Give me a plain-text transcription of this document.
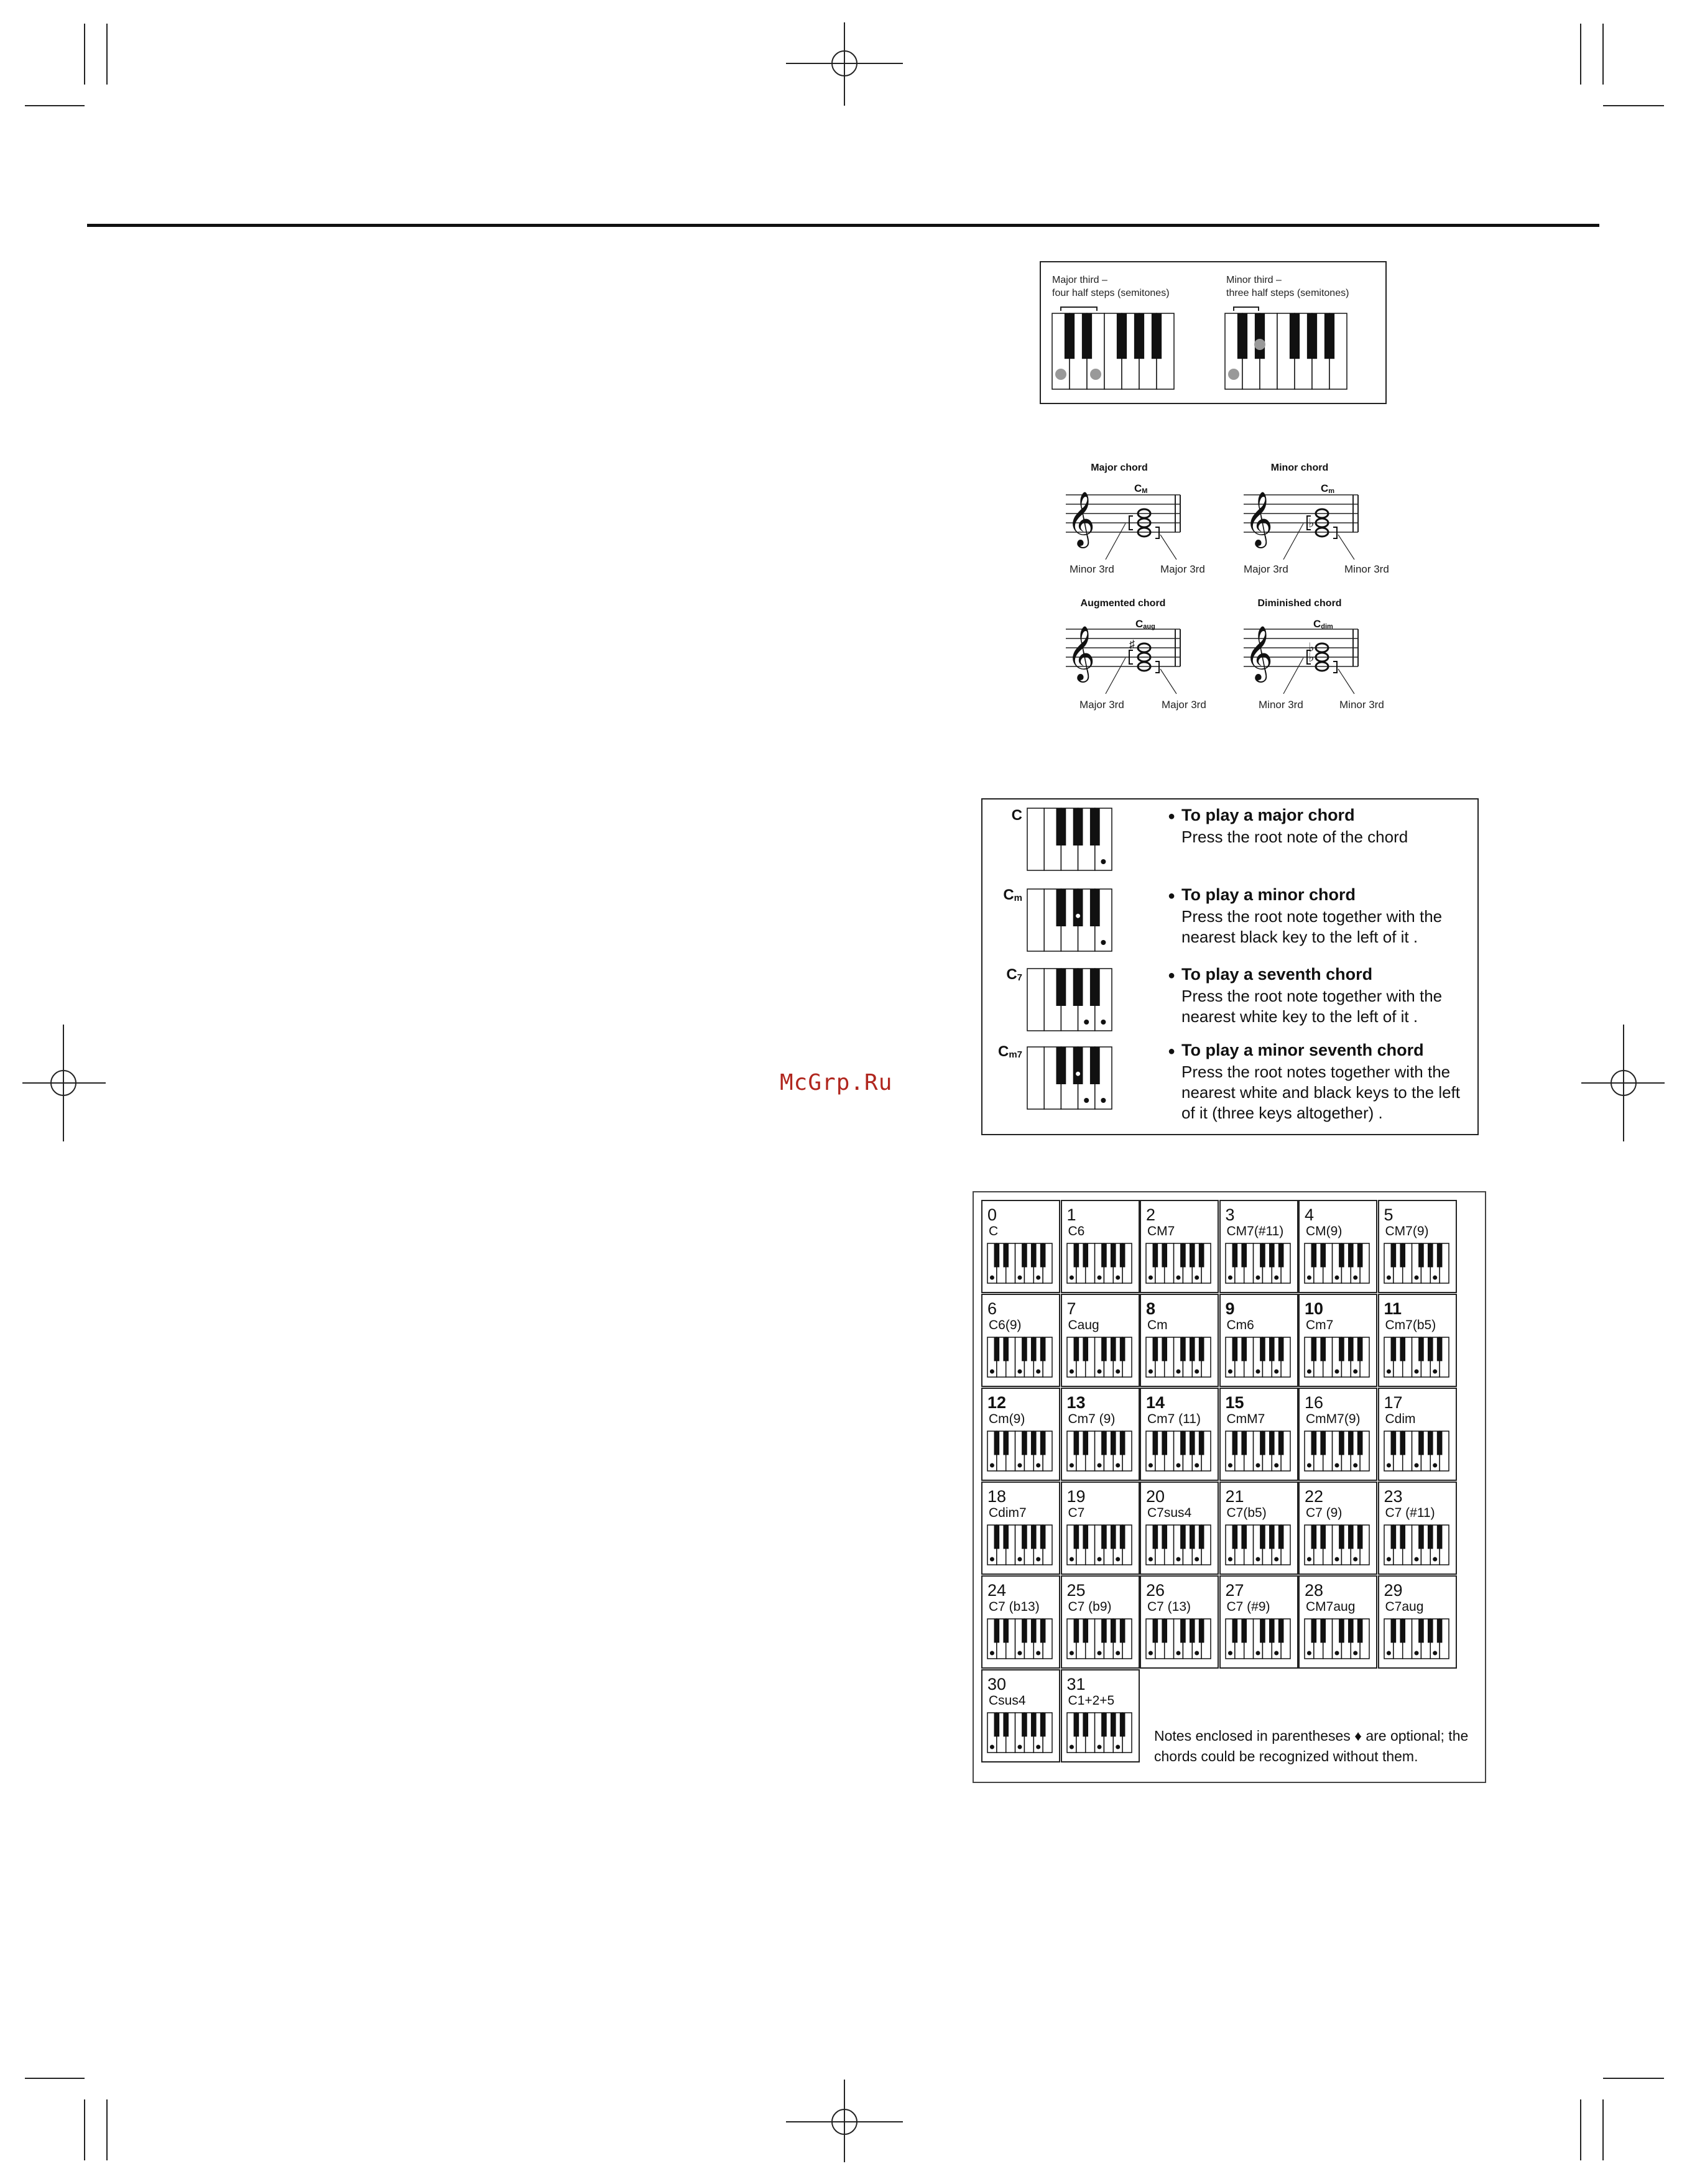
Major third –
four half steps (semitones)
Minor third –
three half steps (semitones)
𝄞	𝄞	♭
𝄞	♯ 𝄞	♭
♭
Major chord	Minor chord
Augmented chord	Diminished chord
$C_M$	$C_m$
$C_{aug}$	$C_{dim}$
Minor 3rd	Major 3rd	Major 3rd	Minor 3rd
Major 3rd	Major 3rd	Minor 3rd	Minor 3rd
C	● To play a major chord
Press the root note of the chord
$C_m$	● To play a minor chord
Press the root note together with the nearest black key to the left of it .
$C_7$	● To play a seventh chord
Press the root note together with the nearest white key to the left of it .
$C_{m7}$	● To play a minor seventh chord
Press the root notes together with the nearest white and black keys to the left of it (three keys altogether) .
McGrp.Ru
0
C
1
C6
2
CM7
3
CM7(#11)
4
CM(9)
5
CM7(9)
6
C6(9)
7
Caug
8
Cm
9
Cm6
10
Cm7
11
Cm7(b5)
12
Cm(9)
13
Cm7 (9)
14
Cm7 (11)
15
CmM7
16
CmM7(9)
17
Cdim
18
Cdim7
19
C7
20
C7sus4
21
C7(b5)
22
C7 (9)
23
C7 (#11)
24
C7 (b13)
25
C7 (b9)
26
C7 (13)
27
C7 (#9)
28
CM7aug
29
C7aug
30
Csus4
31
C1+2+5
Notes enclosed in parentheses ♦ are optional; the chords could be recognized without them.
